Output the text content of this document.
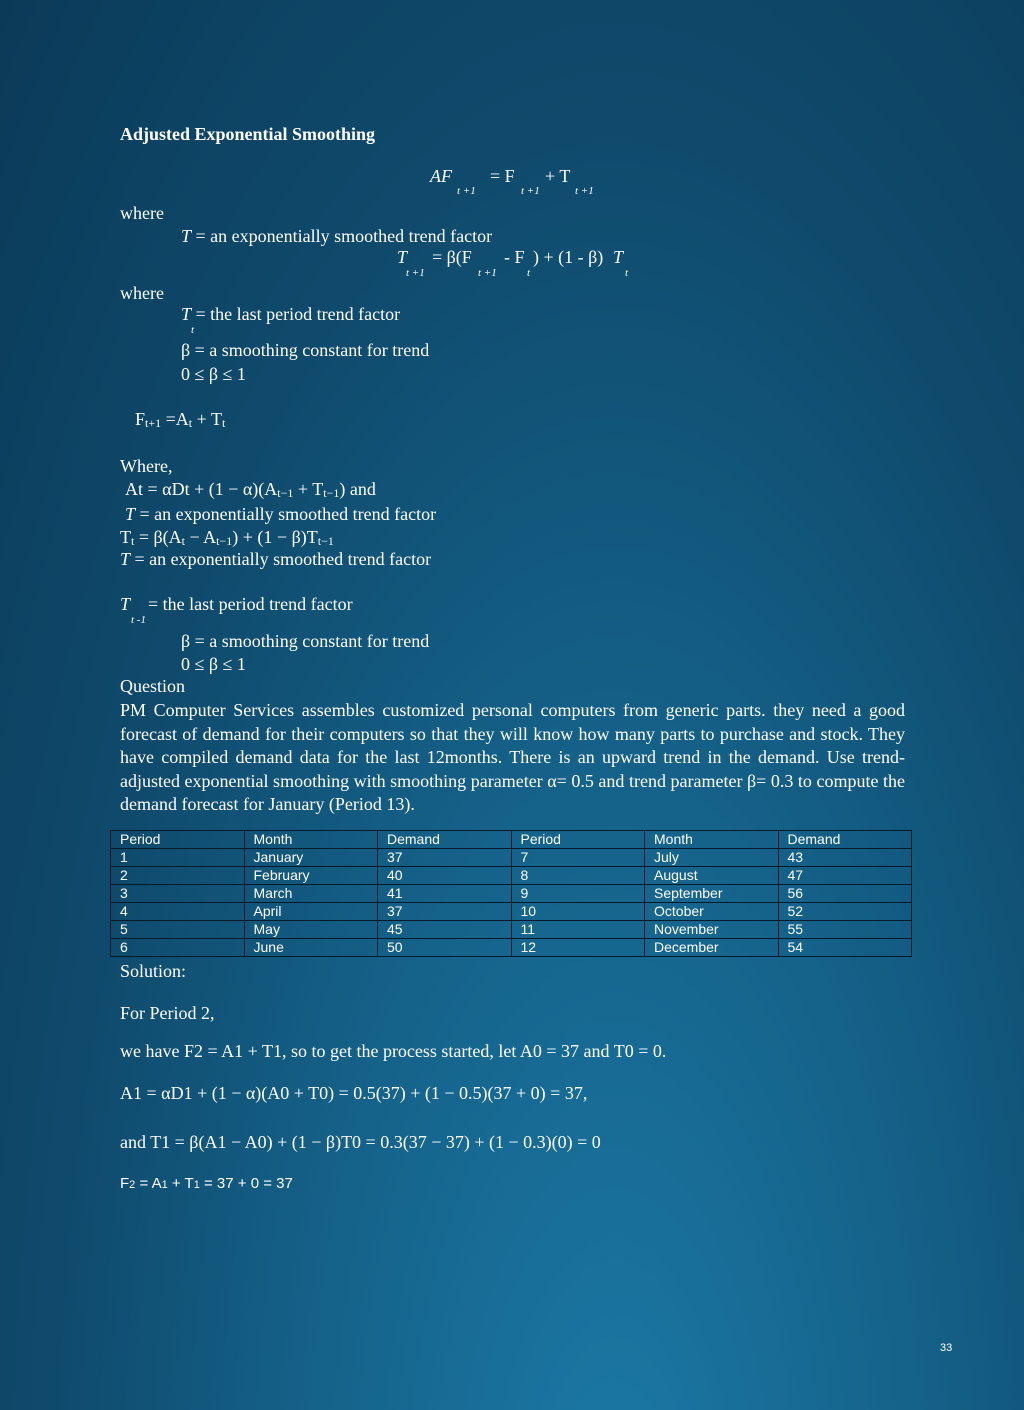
Adjusted Exponential Smoothing
AF
t +1
= F
t +1
+ T
t +1
where
T = an exponentially smoothed trend factor
T
t +1
= β(F
t +1
- F
t
) + (1 - β) T
t
where
T = the last period trend factor
t
β = a smoothing constant for trend
0 ≤ β ≤ 1
Ft+1 =At + Tt
Where,
At = αDt + (1 − α)(At−1 + Tt−1) and
T = an exponentially smoothed trend factor
Tt = β(At − At−1) + (1 − β)Tt−1
T = an exponentially smoothed trend factor
T = the last period trend factor
t -1
β = a smoothing constant for trend
0 ≤ β ≤ 1
Question
PM Computer Services assembles customized personal computers from generic parts. they need a good forecast of demand for their computers so that they will know how many parts to purchase and stock. They have compiled demand data for the last 12months. There is an upward trend in the demand. Use trend-adjusted exponential smoothing with smoothing parameter α= 0.5 and trend parameter β= 0.3 to compute the demand forecast for January (Period 13).
Period	Month	Demand	Period	Month	Demand
1	January	37	7	July	43
2	February	40	8	August	47
3	March	41	9	September	56
4	April	37	10	October	52
5	May	45	11	November	55
6	June	50	12	December	54
Solution:
For Period 2,
we have F2 = A1 + T1, so to get the process started, let A0 = 37 and T0 = 0.
A1 = αD1 + (1 − α)(A0 + T0) = 0.5(37) + (1 − 0.5)(37 + 0) = 37,
and T1 = β(A1 − A0) + (1 − β)T0 = 0.3(37 − 37) + (1 − 0.3)(0) = 0
F2 = A1 + T1 = 37 + 0 = 37
33
